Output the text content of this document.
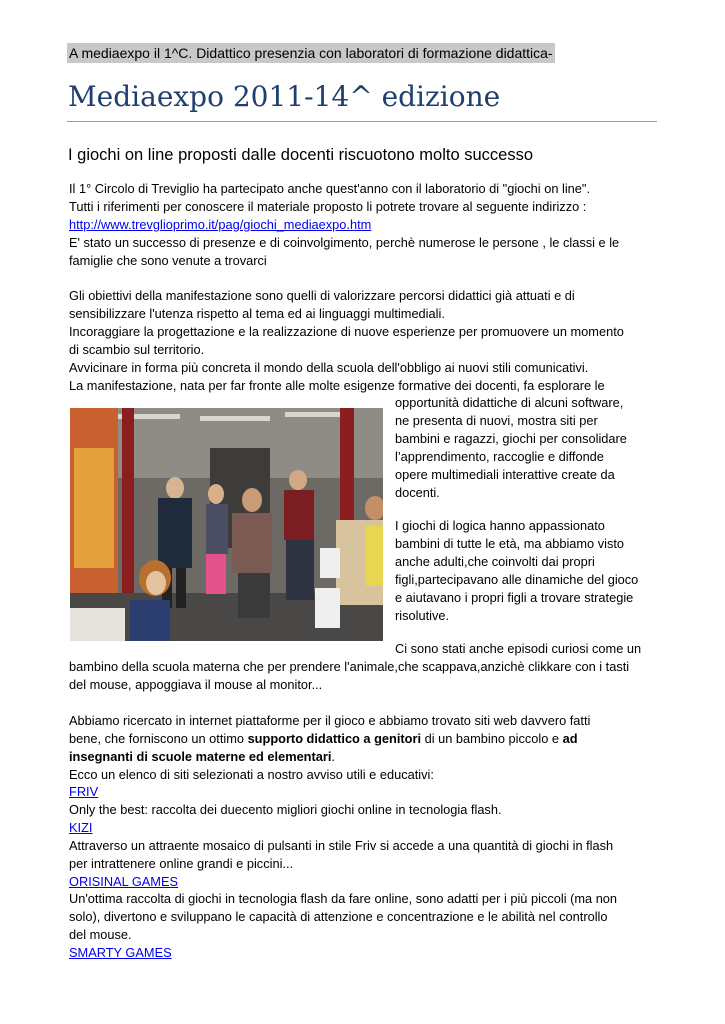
A mediaexpo il 1^C. Didattico presenzia con laboratori di formazione didattica-
Mediaexpo 2011-14^ edizione
I giochi on line proposti dalle docenti riscuotono molto successo

Il 1° Circolo di Treviglio ha partecipato anche quest'anno con il laboratorio di "giochi on line".

Tutti i riferimenti per conoscere il materiale proposto li potrete trovare al seguente indirizzo :

http://www.trevglioprimo.it/pag/giochi_mediaexpo.htm

E' stato un successo di presenze e di coinvolgimento, perchè numerose le persone , le classi e le

famiglie che sono venute a trovarci

Gli obiettivi della manifestazione sono quelli di valorizzare percorsi didattici già attuati e di

sensibilizzare l'utenza rispetto al tema ed ai linguaggi multimediali.

Incoraggiare la progettazione e la realizzazione di nuove esperienze per promuovere un momento

di scambio sul territorio.

Avvicinare in forma più concreta il mondo della scuola dell'obbligo ai nuovi stili comunicativi.

La manifestazione, nata per far fronte alle molte esigenze formative dei docenti, fa esplorare le

opportunità didattiche di alcuni software,

ne presenta di nuovi, mostra siti per

bambini e ragazzi, giochi per consolidare

l’apprendimento, raccoglie e diffonde

opere multimediali interattive create da

docenti.

I giochi di logica hanno appassionato

bambini di tutte le età, ma abbiamo visto

anche adulti,che coinvolti dai propri

figli,partecipavano alle dinamiche del gioco

e aiutavano i propri figli a trovare strategie

risolutive.

Ci sono stati anche episodi curiosi come un

bambino della scuola materna che per prendere l'animale,che scappava,anzichè clikkare con i tasti

del mouse, appoggiava il mouse al monitor...

Abbiamo ricercato in internet piattaforme per il gioco e abbiamo trovato siti web davvero fatti

bene, che forniscono un ottimo supporto didattico a genitori di un bambino piccolo e ad

insegnanti di scuole materne ed elementari.

Ecco un elenco di siti selezionati a nostro avviso utili e educativi:

FRIV

Only the best: raccolta dei duecento migliori giochi online in tecnologia flash.

KIZI

Attraverso un attraente mosaico di pulsanti in stile Friv si accede a una quantità di giochi in flash

per intrattenere online grandi e piccini...

ORISINAL GAMES

Un'ottima raccolta di giochi in tecnologia flash da fare online, sono adatti per i più piccoli (ma non

solo), divertono e sviluppano le capacità di attenzione e concentrazione e le abilità nel controllo

del mouse.

SMARTY GAMES
